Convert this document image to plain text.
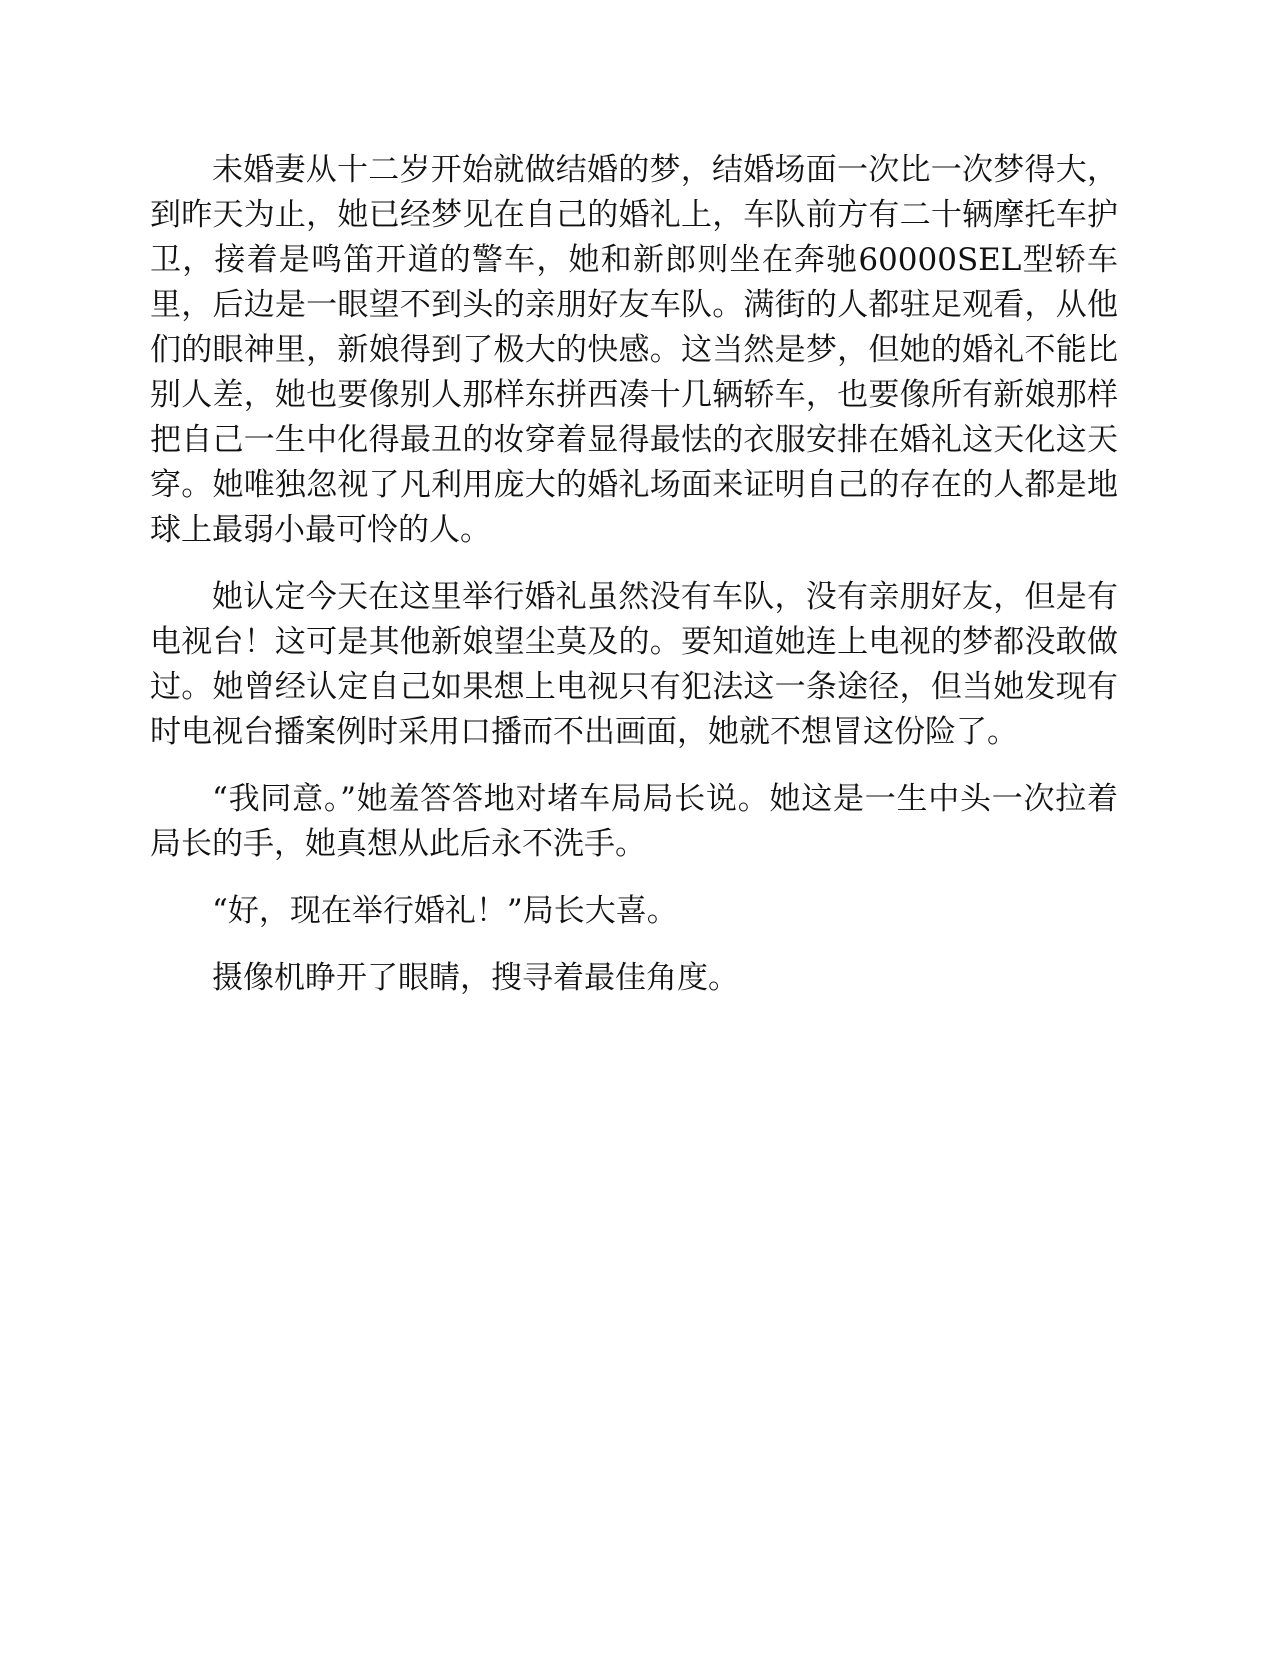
未婚妻从十二岁开始就做结婚的梦，结婚场面一次比一次梦得大，到昨天为止，她已经梦见在自己的婚礼上，车队前方有二十辆摩托车护卫，接着是鸣笛开道的警车，她和新郎则坐在奔驰60000SEL型轿车里，后边是一眼望不到头的亲朋好友车队。满街的人都驻足观看，从他们的眼神里，新娘得到了极大的快感。这当然是梦，但她的婚礼不能比别人差，她也要像别人那样东拼西凑十几辆轿车，也要像所有新娘那样把自己一生中化得最丑的妆穿着显得最怯的衣服安排在婚礼这天化这天穿。她唯独忽视了凡利用庞大的婚礼场面来证明自己的存在的人都是地球上最弱小最可怜的人。

她认定今天在这里举行婚礼虽然没有车队，没有亲朋好友，但是有电视台！这可是其他新娘望尘莫及的。要知道她连上电视的梦都没敢做过。她曾经认定自己如果想上电视只有犯法这一条途径，但当她发现有时电视台播案例时采用口播而不出画面，她就不想冒这份险了。

“我同意。”她羞答答地对堵车局局长说。她这是一生中头一次拉着局长的手，她真想从此后永不洗手。

“好，现在举行婚礼！”局长大喜。

摄像机睁开了眼睛，搜寻着最佳角度。
